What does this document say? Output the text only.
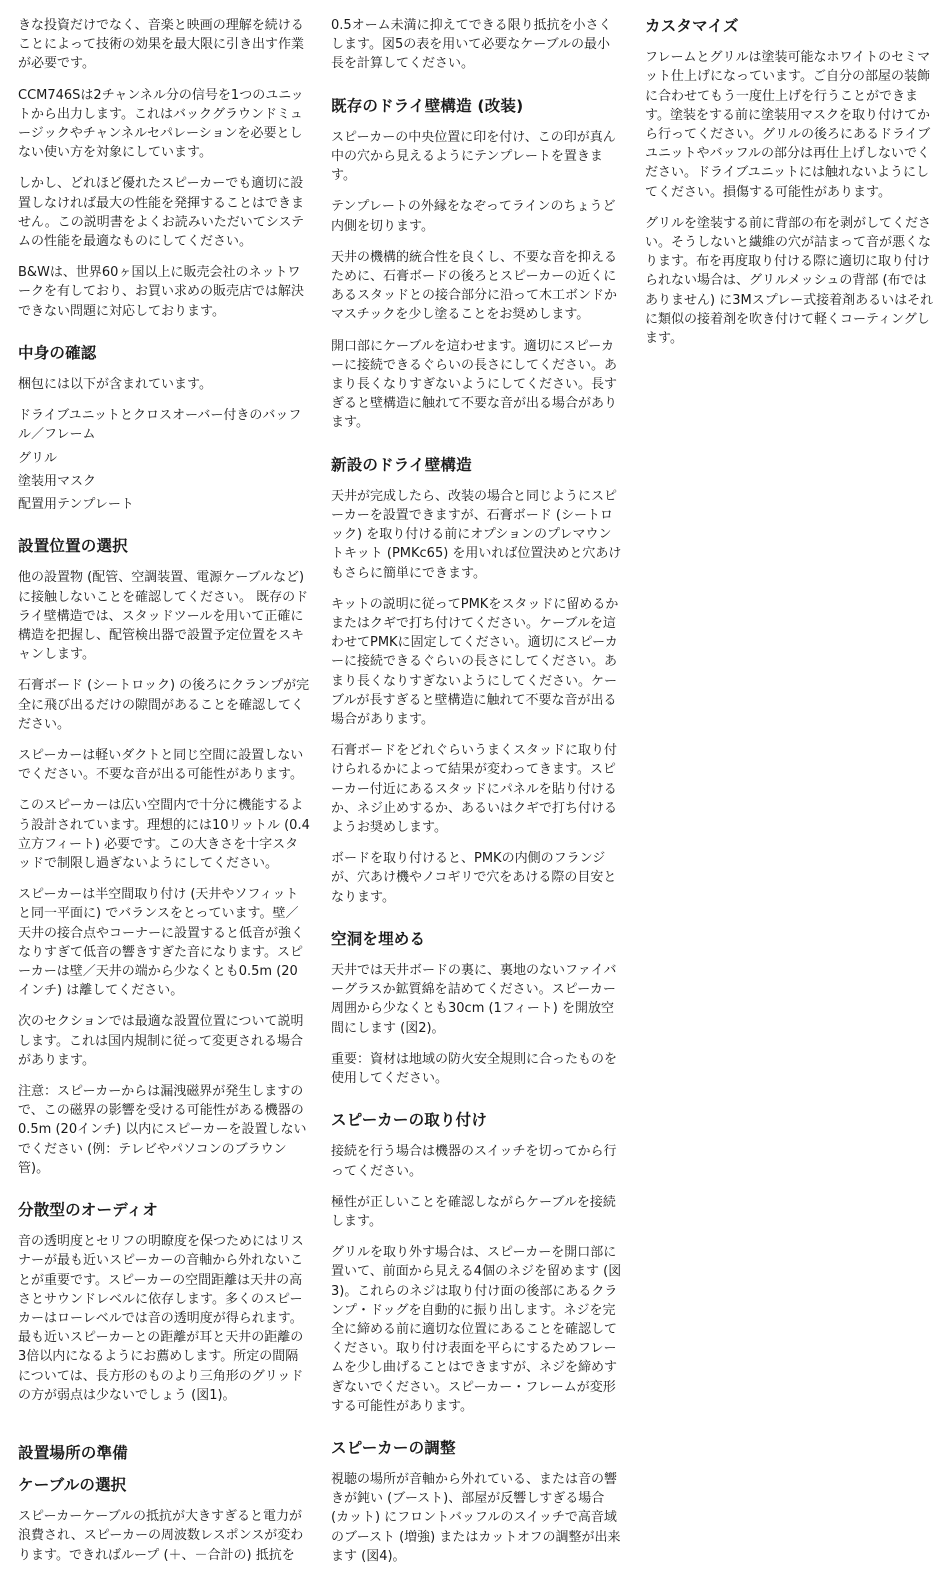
きな投資だけでなく、音楽と映画の理解を続けることによって技術の効果を最大限に引き出す作業が必要です。

CCM746Sは2チャンネル分の信号を1つのユニットから出力します。これはバックグラウンドミュージックやチャンネルセパレーションを必要としない使い方を対象にしています。

しかし、どれほど優れたスピーカーでも適切に設置しなければ最大の性能を発揮することはできません。この説明書をよくお読みいただいてシステムの性能を最適なものにしてください。

B&Wは、世界60ヶ国以上に販売会社のネットワークを有しており、お買い求めの販売店では解決できない問題に対応しております。

中身の確認

梱包には以下が含まれています。

ドライブユニットとクロスオーバー付きのバッフル／フレーム

グリル

塗装用マスク

配置用テンプレート

設置位置の選択

他の設置物 (配管、空調装置、電源ケーブルなど) に接触しないことを確認してください。 既存のドライ壁構造では、スタッドツールを用いて正確に構造を把握し、配管検出器で設置予定位置をスキャンします。

石膏ボード (シートロック) の後ろにクランプが完全に飛び出るだけの隙間があることを確認してください。

スピーカーは軽いダクトと同じ空間に設置しないでください。不要な音が出る可能性があります。

このスピーカーは広い空間内で十分に機能するよう設計されています。理想的には10リットル (0.4立方フィート) 必要です。この大きさを十字スタッドで制限し過ぎないようにしてください。

スピーカーは半空間取り付け (天井やソフィットと同一平面に) でバランスをとっています。壁／天井の接合点やコーナーに設置すると低音が強くなりすぎて低音の響きすぎた音になります。スピーカーは壁／天井の端から少なくとも0.5m (20インチ) は離してください。

次のセクションでは最適な設置位置について説明します。これは国内規制に従って変更される場合があります。

注意：スピーカーからは漏洩磁界が発生しますので、この磁界の影響を受ける可能性がある機器の0.5m (20インチ) 以内にスピーカーを設置しないでください (例：テレビやパソコンのブラウン管)。

分散型のオーディオ

音の透明度とセリフの明瞭度を保つためにはリスナーが最も近いスピーカーの音軸から外れないことが重要です。スピーカーの空間距離は天井の高さとサウンドレベルに依存します。多くのスピーカーはローレベルでは音の透明度が得られます。最も近いスピーカーとの距離が耳と天井の距離の3倍以内になるようにお薦めします。所定の間隔については、長方形のものより三角形のグリッドの方が弱点は少ないでしょう (図1)。

設置場所の準備
ケーブルの選択

スピーカーケーブルの抵抗が大きすぎると電力が浪費され、スピーカーの周波数レスポンスが変わります。できればループ (＋、－合計の) 抵抗を

0.5オーム未満に抑えてできる限り抵抗を小さくします。図5の表を用いて必要なケーブルの最小長を計算してください。

既存のドライ壁構造 (改装)

スピーカーの中央位置に印を付け、この印が真ん中の穴から見えるようにテンプレートを置きます。

テンプレートの外縁をなぞってラインのちょうど内側を切ります。

天井の機構的統合性を良くし、不要な音を抑えるために、石膏ボードの後ろとスピーカーの近くにあるスタッドとの接合部分に沿って木工ボンドかマスチックを少し塗ることをお奨めします。

開口部にケーブルを這わせます。適切にスピーカーに接続できるぐらいの長さにしてください。あまり長くなりすぎないようにしてください。長すぎると壁構造に触れて不要な音が出る場合があります。

新設のドライ壁構造

天井が完成したら、改装の場合と同じようにスピーカーを設置できますが、石膏ボード (シートロック) を取り付ける前にオプションのプレマウントキット (PMKc65) を用いれば位置決めと穴あけもさらに簡単にできます。

キットの説明に従ってPMKをスタッドに留めるかまたはクギで打ち付けてください。ケーブルを這わせてPMKに固定してください。適切にスピーカーに接続できるぐらいの長さにしてください。あまり長くなりすぎないようにしてください。ケーブルが長すぎると壁構造に触れて不要な音が出る場合があります。

石膏ボードをどれぐらいうまくスタッドに取り付けられるかによって結果が変わってきます。スピーカー付近にあるスタッドにパネルを貼り付けるか、ネジ止めするか、あるいはクギで打ち付けるようお奨めします。

ボードを取り付けると、PMKの内側のフランジが、穴あけ機やノコギリで穴をあける際の目安となります。

空洞を埋める

天井では天井ボードの裏に、裏地のないファイバーグラスか鉱質綿を詰めてください。スピーカー周囲から少なくとも30cm (1フィート) を開放空間にします (図2)。

重要：資材は地域の防火安全規則に合ったものを使用してください。

スピーカーの取り付け

接続を行う場合は機器のスイッチを切ってから行ってください。

極性が正しいことを確認しながらケーブルを接続します。

グリルを取り外す場合は、スピーカーを開口部に置いて、前面から見える4個のネジを留めます (図3)。これらのネジは取り付け面の後部にあるクランプ・ドッグを自動的に振り出します。ネジを完全に締める前に適切な位置にあることを確認してください。取り付け表面を平らにするためフレームを少し曲げることはできますが、ネジを締めすぎないでください。スピーカー・フレームが変形する可能性があります。

スピーカーの調整

視聴の場所が音軸から外れている、または音の響きが鈍い (ブースト)、部屋が反響しすぎる場合 (カット) にフロントバッフルのスイッチで高音域のブースト (増強) またはカットオフの調整が出来ます (図4)。

カスタマイズ

フレームとグリルは塗装可能なホワイトのセミマット仕上げになっています。ご自分の部屋の装飾に合わせてもう一度仕上げを行うことができます。塗装をする前に塗装用マスクを取り付けてから行ってください。グリルの後ろにあるドライブユニットやバッフルの部分は再仕上げしないでください。ドライブユニットには触れないようにしてください。損傷する可能性があります。

グリルを塗装する前に背部の布を剥がしてください。そうしないと繊維の穴が詰まって音が悪くなります。布を再度取り付ける際に適切に取り付けられない場合は、グリルメッシュの背部 (布ではありません) に3Mスプレー式接着剤あるいはそれに類似の接着剤を吹き付けて軽くコーティングします。
